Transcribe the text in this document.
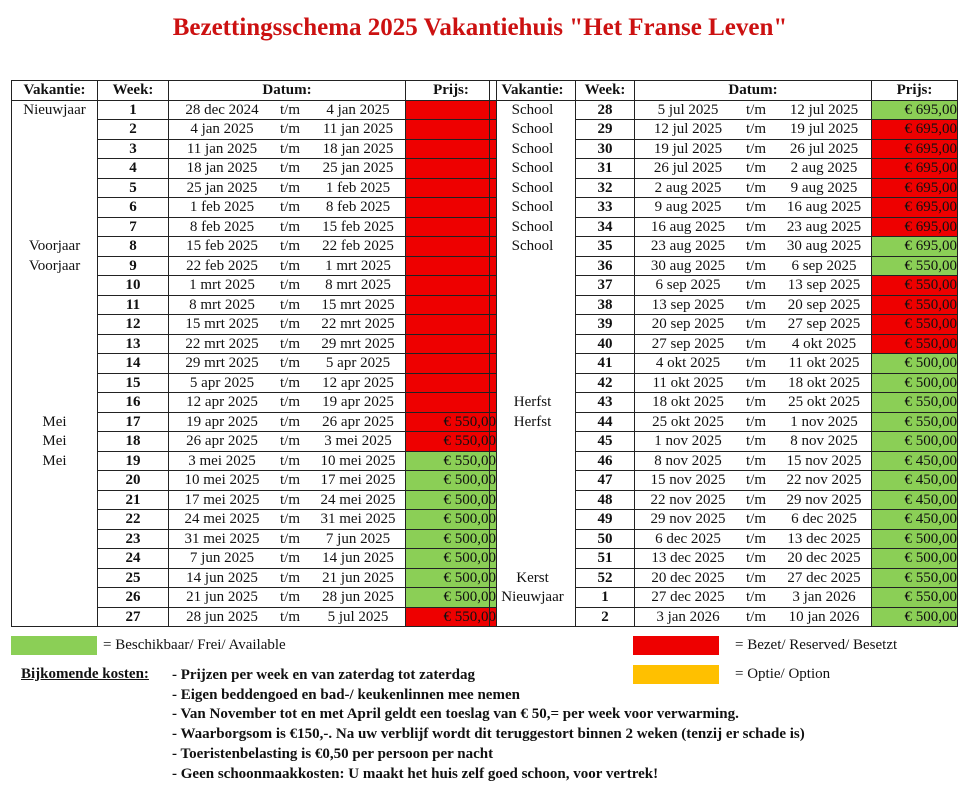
Bezettingsschema 2025 Vakantiehuis "Het Franse Leven"
Vakantie:	Week:	Datum:	Prijs:
Nieuwjaar	1	28 dec 2024 t/m 4 jan 2025	

	2	4 jan 2025 t/m 11 jan 2025	

	3	11 jan 2025 t/m 18 jan 2025	

	4	18 jan 2025 t/m 25 jan 2025	

	5	25 jan 2025 t/m 1 feb 2025	

	6	1 feb 2025 t/m 8 feb 2025	

	7	8 feb 2025 t/m 15 feb 2025	

Voorjaar	8	15 feb 2025 t/m 22 feb 2025	

Voorjaar	9	22 feb 2025 t/m 1 mrt 2025	

	10	1 mrt 2025 t/m 8 mrt 2025	

	11	8 mrt 2025 t/m 15 mrt 2025	

	12	15 mrt 2025 t/m 22 mrt 2025	

	13	22 mrt 2025 t/m 29 mrt 2025	

	14	29 mrt 2025 t/m 5 apr 2025	

	15	5 apr 2025 t/m 12 apr 2025	

	16	12 apr 2025 t/m 19 apr 2025	

Mei	17	19 apr 2025 t/m 26 apr 2025	€ 550,00
Mei	18	26 apr 2025 t/m 3 mei 2025	€ 550,00
Mei	19	3 mei 2025 t/m 10 mei 2025	€ 550,00
	20	10 mei 2025 t/m 17 mei 2025	€ 500,00
	21	17 mei 2025 t/m 24 mei 2025	€ 500,00
	22	24 mei 2025 t/m 31 mei 2025	€ 500,00
	23	31 mei 2025 t/m 7 jun 2025	€ 500,00
	24	7 jun 2025 t/m 14 jun 2025	€ 500,00
	25	14 jun 2025 t/m 21 jun 2025	€ 500,00
	26	21 jun 2025 t/m 28 jun 2025	€ 500,00
	27	28 jun 2025 t/m 5 jul 2025	€ 550,00
Vakantie:	Week:	Datum:	Prijs:
School	28	5 jul 2025 t/m 12 jul 2025	€ 695,00
School	29	12 jul 2025 t/m 19 jul 2025	€ 695,00
School	30	19 jul 2025 t/m 26 jul 2025	€ 695,00
School	31	26 jul 2025 t/m 2 aug 2025	€ 695,00
School	32	2 aug 2025 t/m 9 aug 2025	€ 695,00
School	33	9 aug 2025 t/m 16 aug 2025	€ 695,00
School	34	16 aug 2025 t/m 23 aug 2025	€ 695,00
School	35	23 aug 2025 t/m 30 aug 2025	€ 695,00
	36	30 aug 2025 t/m 6 sep 2025	€ 550,00
	37	6 sep 2025 t/m 13 sep 2025	€ 550,00
	38	13 sep 2025 t/m 20 sep 2025	€ 550,00
	39	20 sep 2025 t/m 27 sep 2025	€ 550,00
	40	27 sep 2025 t/m 4 okt 2025	€ 550,00
	41	4 okt 2025 t/m 11 okt 2025	€ 500,00
	42	11 okt 2025 t/m 18 okt 2025	€ 500,00
Herfst	43	18 okt 2025 t/m 25 okt 2025	€ 550,00
Herfst	44	25 okt 2025 t/m 1 nov 2025	€ 550,00
	45	1 nov 2025 t/m 8 nov 2025	€ 500,00
	46	8 nov 2025 t/m 15 nov 2025	€ 450,00
	47	15 nov 2025 t/m 22 nov 2025	€ 450,00
	48	22 nov 2025 t/m 29 nov 2025	€ 450,00
	49	29 nov 2025 t/m 6 dec 2025	€ 450,00
	50	6 dec 2025 t/m 13 dec 2025	€ 500,00
	51	13 dec 2025 t/m 20 dec 2025	€ 500,00
Kerst	52	20 dec 2025 t/m 27 dec 2025	€ 550,00
Nieuwjaar	1	27 dec 2025 t/m 3 jan 2026	€ 550,00
	2	3 jan 2026 t/m 10 jan 2026	€ 500,00
= Beschikbaar/ Frei/ Available	= Bezet/ Reserved/ Besetzt
= Optie/ Option
Bijkomende kosten: - Prijzen per week en van zaterdag tot zaterdag
- Eigen beddengoed en bad-/ keukenlinnen mee nemen
- Van November tot en met April geldt een toeslag van € 50,= per week voor verwarming.
- Waarborgsom is €150,-. Na uw verblijf wordt dit teruggestort binnen 2 weken (tenzij er schade is)
- Toeristenbelasting is €0,50 per persoon per nacht
- Geen schoonmaakkosten: U maakt het huis zelf goed schoon, voor vertrek!
